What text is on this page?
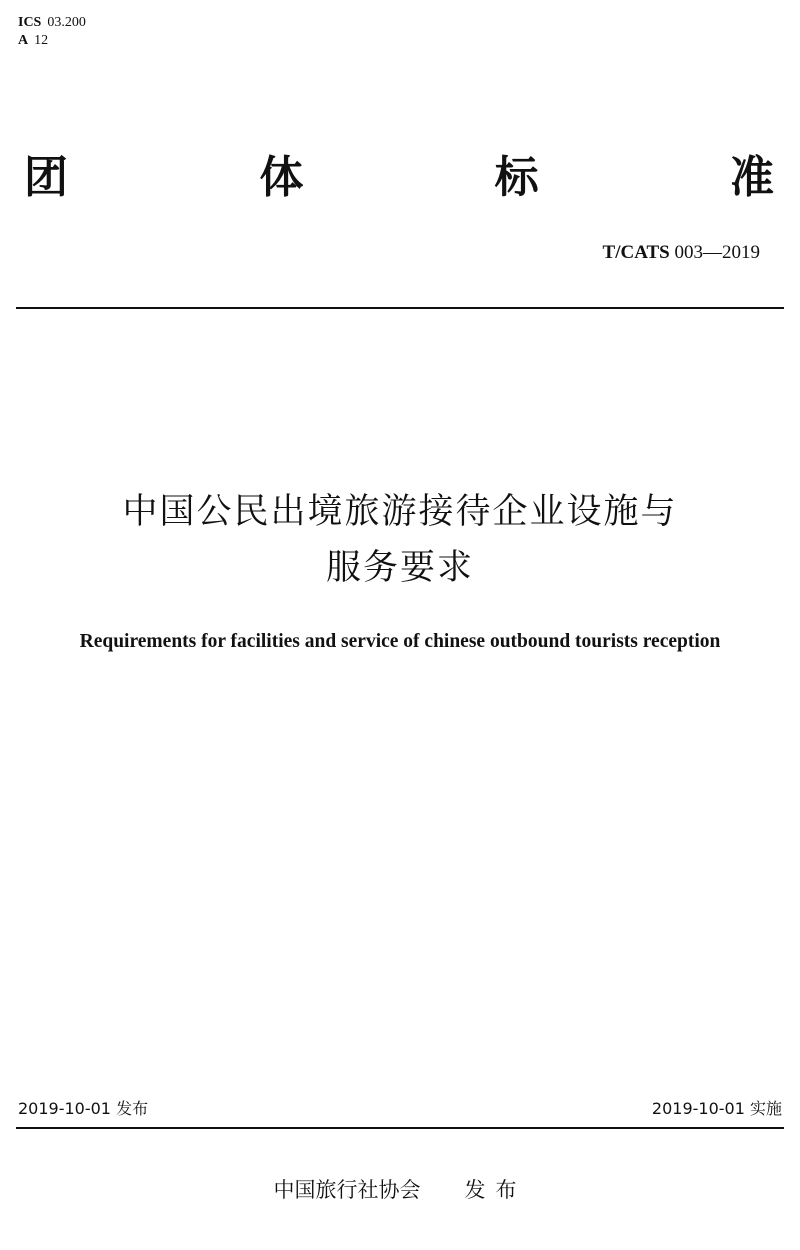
ICS 03.200
A 12
团	体	标	准
T/CATS 003—2019
中国公民出境旅游接待企业设施与
服务要求
Requirements for facilities and service of chinese outbound tourists reception
2019-10-01 发布	2019-10-01 实施
中国旅行社协会 发布
